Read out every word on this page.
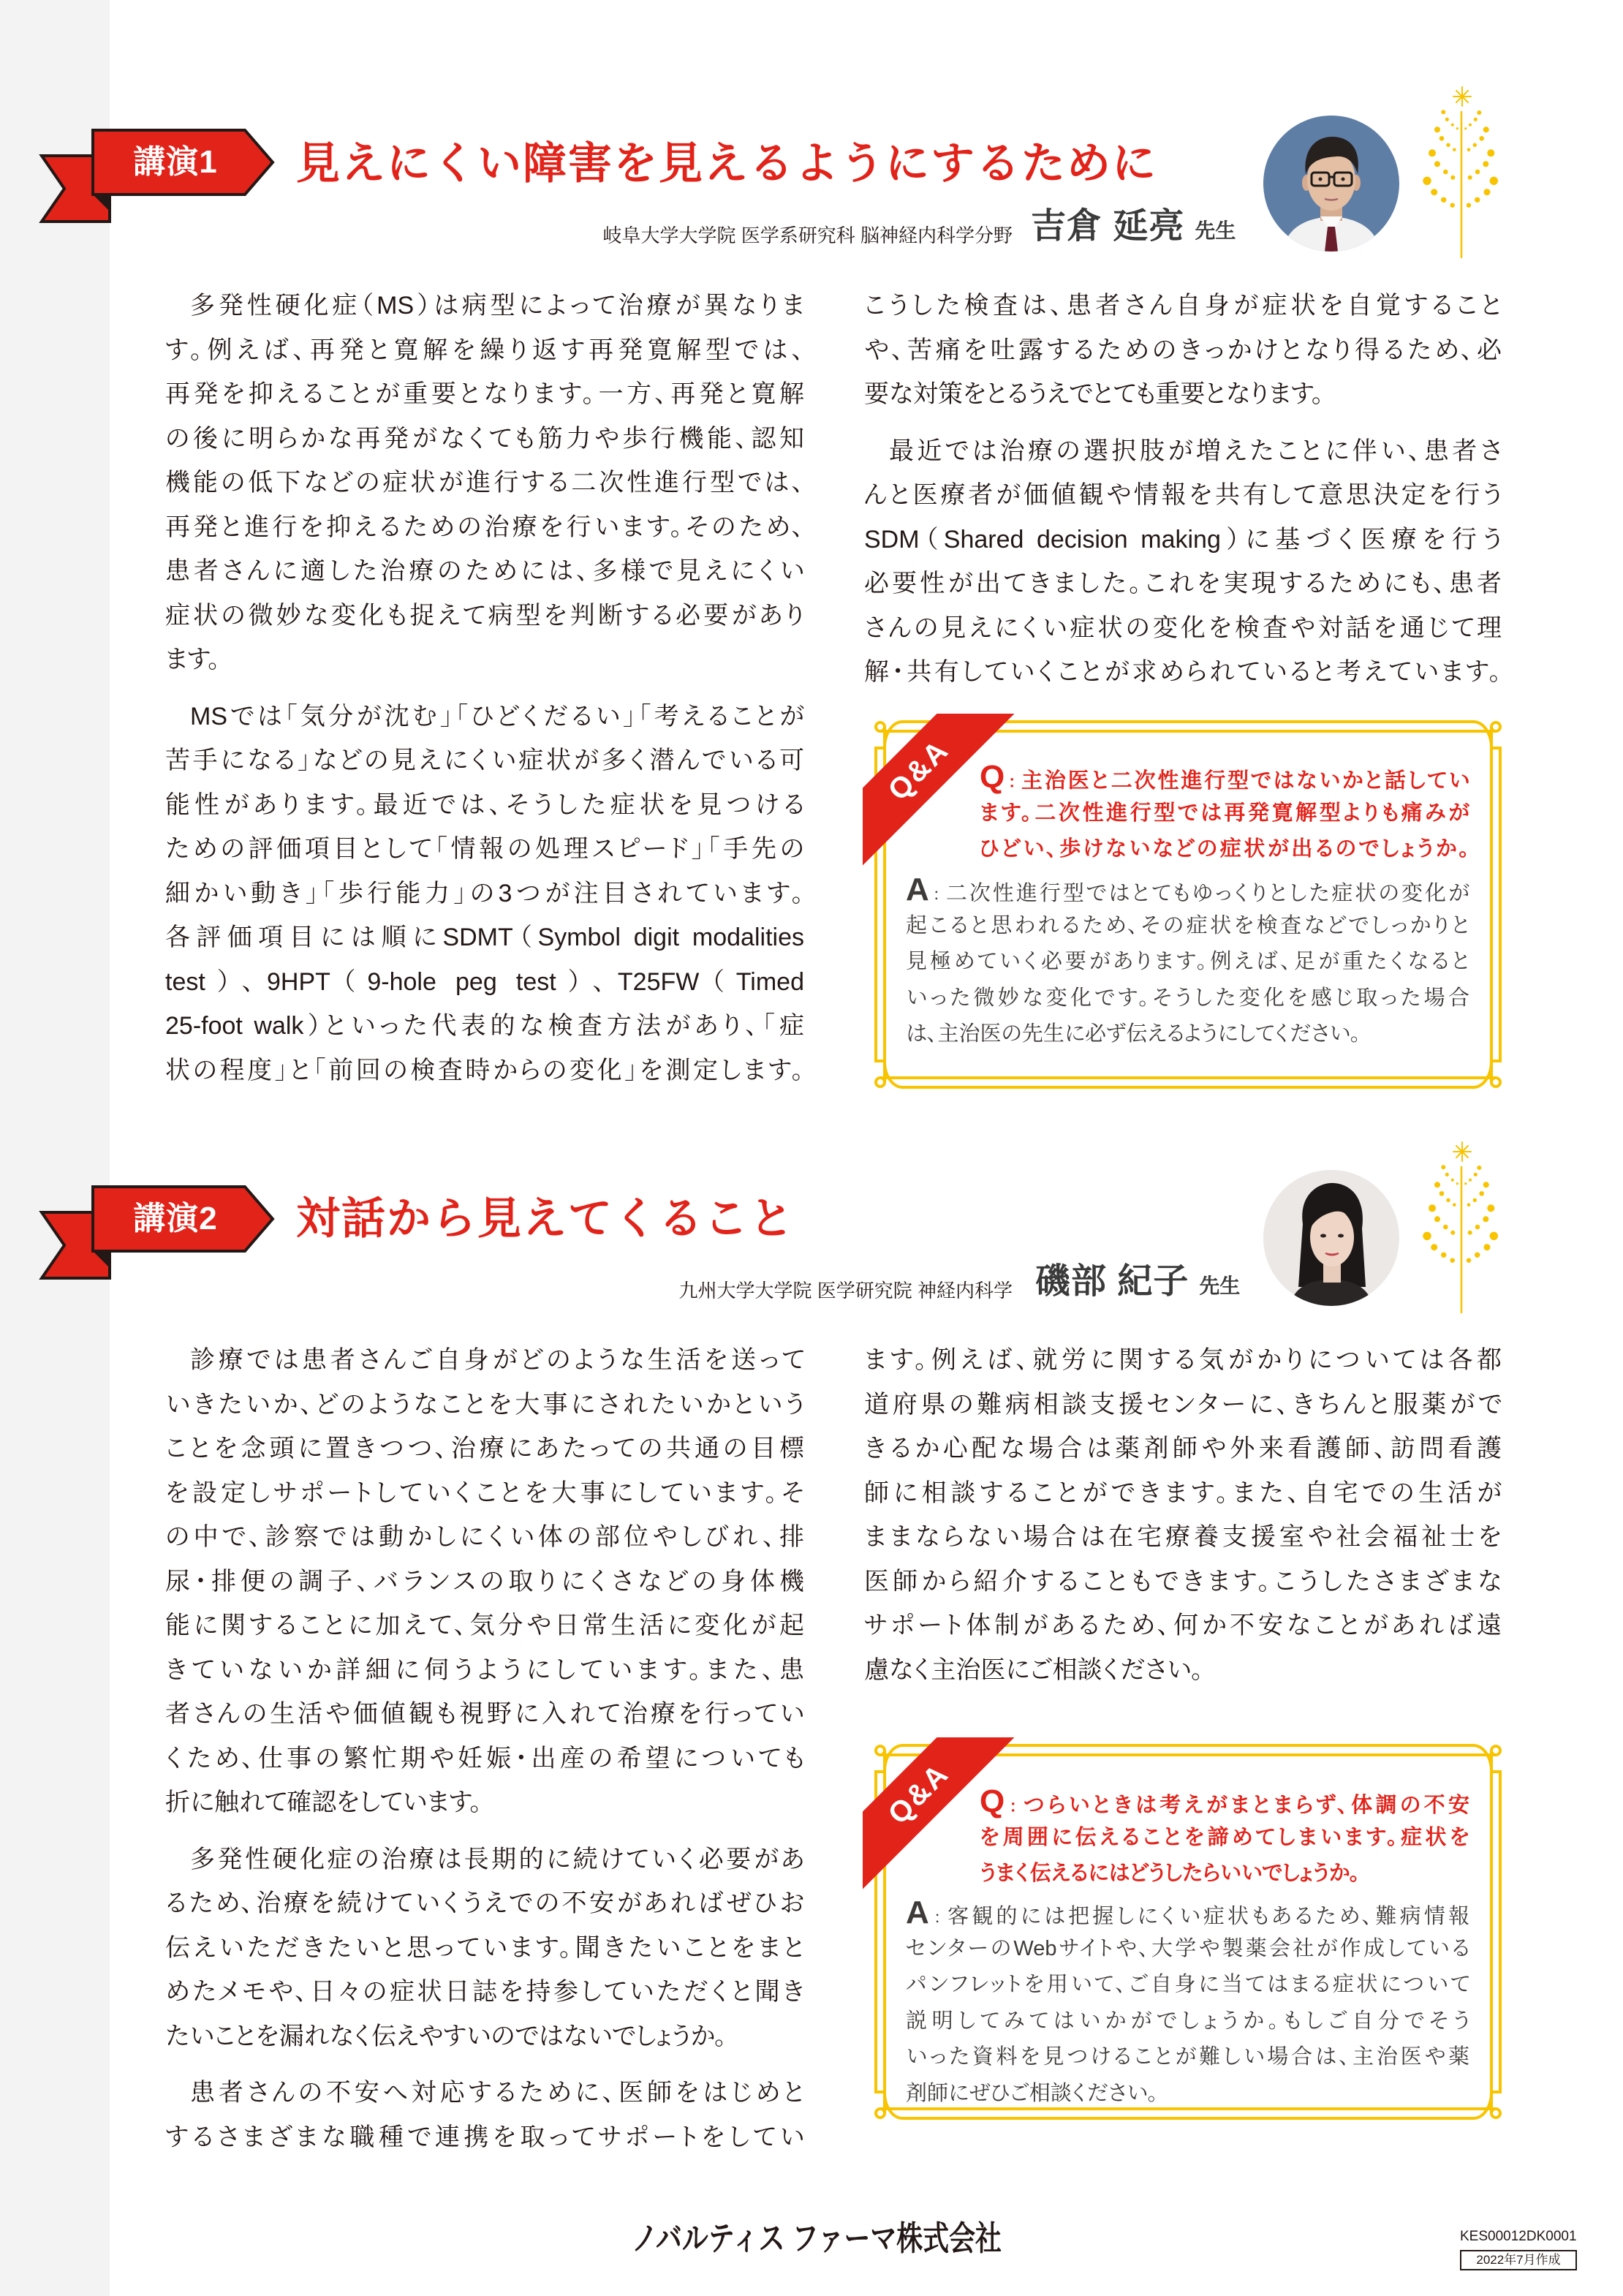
講演1	見えにくい障害を見えるようにするために
岐阜大学大学院 医学系研究科 脳神経内科学分野 吉倉 延亮 先生
多発性硬化症（MS）は病型によって治療が異なりま
す。例えば、再発と寛解を繰り返す再発寛解型では、
再発を抑えることが重要となります。一方、再発と寛解
の後に明らかな再発がなくても筋力や歩行機能、認知
機能の低下などの症状が進行する二次性進行型では、
再発と進行を抑えるための治療を行います。そのため、
患者さんに適した治療のためには、多様で見えにくい
症状の微妙な変化も捉えて病型を判断する必要があり
ます。
MSでは「気分が沈む」「ひどくだるい」「考えることが
苦手になる」などの見えにくい症状が多く潜んでいる可
能性があります。最近では、そうした症状を見つける
ための評価項目として「情報の処理スピード」「手先の
細かい動き」「歩行能力」の3つが注目されています。
各評価項目には順にSDMT（Symbol digit modalities
test）、9HPT（9-hole peg test）、T25FW（Timed
25-foot walk）といった代表的な検査方法があり、「症
状の程度」と「前回の検査時からの変化」を測定します。
こうした検査は、患者さん自身が症状を自覚すること
や、苦痛を吐露するためのきっかけとなり得るため、必
要な対策をとるうえでとても重要となります。
最近では治療の選択肢が増えたことに伴い、患者さ
んと医療者が価値観や情報を共有して意思決定を行う
SDM（Shared decision making）に基づく医療を行う
必要性が出てきました。これを実現するためにも、患者
さんの見えにくい症状の変化を検査や対話を通じて理
解・共有していくことが求められていると考えています。
Q&A Q： 主治医と二次性進行型ではないかと話してい
ます。二次性進行型では再発寛解型よりも痛みが
ひどい、歩けないなどの症状が出るのでしょうか。
A： 二次性進行型ではとてもゆっくりとした症状の変化が
起こると思われるため、その症状を検査などでしっかりと
見極めていく必要があります。例えば、足が重たくなると
いった微妙な変化です。そうした変化を感じ取った場合
は、主治医の先生に必ず伝えるようにしてください。
講演2	対話から見えてくること
九州大学大学院 医学研究院 神経内科学 磯部 紀子 先生
診療では患者さんご自身がどのような生活を送って
いきたいか、どのようなことを大事にされたいかという
ことを念頭に置きつつ、治療にあたっての共通の目標
を設定しサポートしていくことを大事にしています。そ
の中で、診察では動かしにくい体の部位やしびれ、排
尿・排便の調子、バランスの取りにくさなどの身体機
能に関することに加えて、気分や日常生活に変化が起
きていないか詳細に伺うようにしています。また、患
者さんの生活や価値観も視野に入れて治療を行ってい
くため、仕事の繁忙期や妊娠・出産の希望についても
折に触れて確認をしています。
多発性硬化症の治療は長期的に続けていく必要があ
るため、治療を続けていくうえでの不安があればぜひお
伝えいただきたいと思っています。聞きたいことをまと
めたメモや、日々の症状日誌を持参していただくと聞き
たいことを漏れなく伝えやすいのではないでしょうか。
患者さんの不安へ対応するために、医師をはじめと
するさまざまな職種で連携を取ってサポートをしてい
ます。例えば、就労に関する気がかりについては各都
道府県の難病相談支援センターに、きちんと服薬がで
きるか心配な場合は薬剤師や外来看護師、訪問看護
師に相談することができます。また、自宅での生活が
ままならない場合は在宅療養支援室や社会福祉士を
医師から紹介することもできます。こうしたさまざまな
サポート体制があるため、何か不安なことがあれば遠
慮なく主治医にご相談ください。
Q&A Q： つらいときは考えがまとまらず、体調の不安
を周囲に伝えることを諦めてしまいます。症状を
うまく伝えるにはどうしたらいいでしょうか。
A： 客観的には把握しにくい症状もあるため、難病情報
センターのWebサイトや、大学や製薬会社が作成している
パンフレットを用いて、ご自身に当てはまる症状について
説明してみてはいかがでしょうか。もしご自分でそう
いった資料を見つけることが難しい場合は、主治医や薬
剤師にぜひご相談ください。
ノバルティス ファーマ株式会社	KES00012DK0001
2022年7月作成
